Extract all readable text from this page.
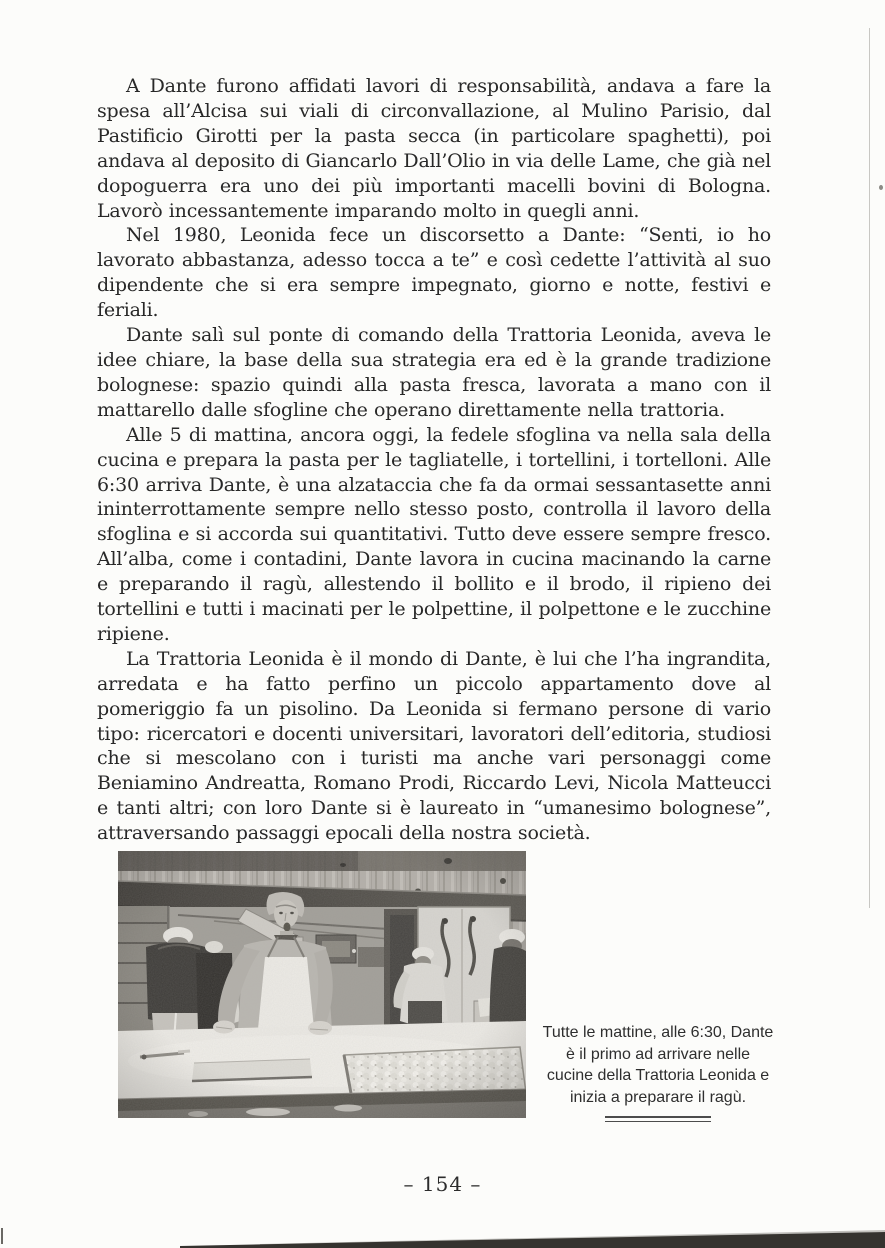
A Dante furono affidati lavori di responsabilità, andava a fare la spesa all’Alcisa sui viali di circonvallazione, al Mulino Parisio, dal Pastificio Girotti per la pasta secca (in particolare spaghetti), poi andava al deposito di Giancarlo Dall’Olio in via delle Lame, che già nel dopoguerra era uno dei più importanti macelli bovini di Bologna. Lavorò incessantemente imparando molto in quegli anni.

Nel 1980, Leonida fece un discorsetto a Dante: “Senti, io ho lavorato abbastanza, adesso tocca a te” e così cedette l’attività al suo dipendente che si era sempre impegnato, giorno e notte, festivi e feriali.

Dante salì sul ponte di comando della Trattoria Leonida, aveva le idee chiare, la base della sua strategia era ed è la grande tradizione bolognese: spazio quindi alla pasta fresca, lavorata a mano con il mattarello dalle sfogline che operano direttamente nella trattoria.

Alle 5 di mattina, ancora oggi, la fedele sfoglina va nella sala della cucina e prepara la pasta per le tagliatelle, i tortellini, i tortelloni. Alle 6:30 arriva Dante, è una alzataccia che fa da ormai sessantasette anni ininterrottamente sempre nello stesso posto, controlla il lavoro della sfoglina e si accorda sui quantitativi. Tutto deve essere sempre fresco. All’alba, come i contadini, Dante lavora in cucina macinando la carne e preparando il ragù, allestendo il bollito e il brodo, il ripieno dei tortellini e tutti i macinati per le polpettine, il polpettone e le zucchine ripiene.

La Trattoria Leonida è il mondo di Dante, è lui che l’ha ingrandita, arredata e ha fatto perfino un piccolo appartamento dove al pomeriggio fa un pisolino. Da Leonida si fermano persone di vario tipo: ricercatori e docenti universitari, lavoratori dell’editoria, studiosi che si mescolano con i turisti ma anche vari personaggi come Beniamino Andreatta, Romano Prodi, Riccardo Levi, Nicola Matteucci e tanti altri; con loro Dante si è laureato in “umanesimo bolognese”, attraversando passaggi epocali della nostra società.

Tutte le mattine, alle 6:30, Dante
è il primo ad arrivare nelle
cucine della Trattoria Leonida e
inizia a preparare il ragù.
– 154 –
